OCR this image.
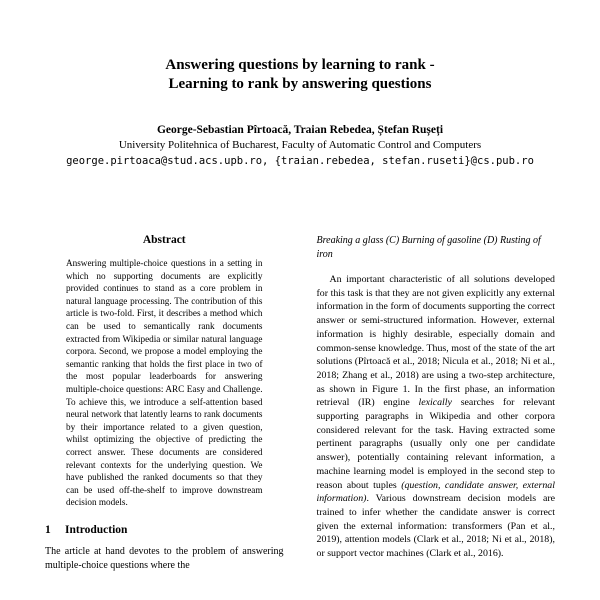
Answering questions by learning to rank -
Learning to rank by answering questions
George-Sebastian Pîrtoacă, Traian Rebedea, Ștefan Rușeți
University Politehnica of Bucharest, Faculty of Automatic Control and Computers
george.pirtoaca@stud.acs.upb.ro, {traian.rebedea, stefan.ruseti}@cs.pub.ro
Abstract
Answering multiple-choice questions in a setting in which no supporting documents are explicitly provided continues to stand as a core problem in natural language processing. The contribution of this article is two-fold. First, it describes a method which can be used to semantically rank documents extracted from Wikipedia or similar natural language corpora. Second, we propose a model employing the semantic ranking that holds the first place in two of the most popular leaderboards for answering multiple-choice questions: ARC Easy and Challenge. To achieve this, we introduce a self-attention based neural network that latently learns to rank documents by their importance related to a given question, whilst optimizing the objective of predicting the correct answer. These documents are considered relevant contexts for the underlying question. We have published the ranked documents so that they can be used off-the-shelf to improve downstream decision models.
1	Introduction
The article at hand devotes to the problem of answering multiple-choice questions where the
Breaking a glass (C) Burning of gasoline (D) Rusting of iron
An important characteristic of all solutions developed for this task is that they are not given explicitly any external information in the form of documents supporting the correct answer or semi-structured information. However, external information is highly desirable, especially domain and common-sense knowledge. Thus, most of the state of the art solutions (Pîrtoacă et al., 2018; Nicula et al., 2018; Ni et al., 2018; Zhang et al., 2018) are using a two-step architecture, as shown in Figure 1. In the first phase, an information retrieval (IR) engine lexically searches for relevant supporting paragraphs in Wikipedia and other corpora considered relevant for the task. Having extracted some pertinent paragraphs (usually only one per candidate answer), potentially containing relevant information, a machine learning model is employed in the second step to reason about tuples (question, candidate answer, external information). Various downstream decision models are trained to infer whether the candidate answer is correct given the external information: transformers (Pan et al., 2019), attention models (Clark et al., 2018; Ni et al., 2018), or support vector machines (Clark et al., 2016).
